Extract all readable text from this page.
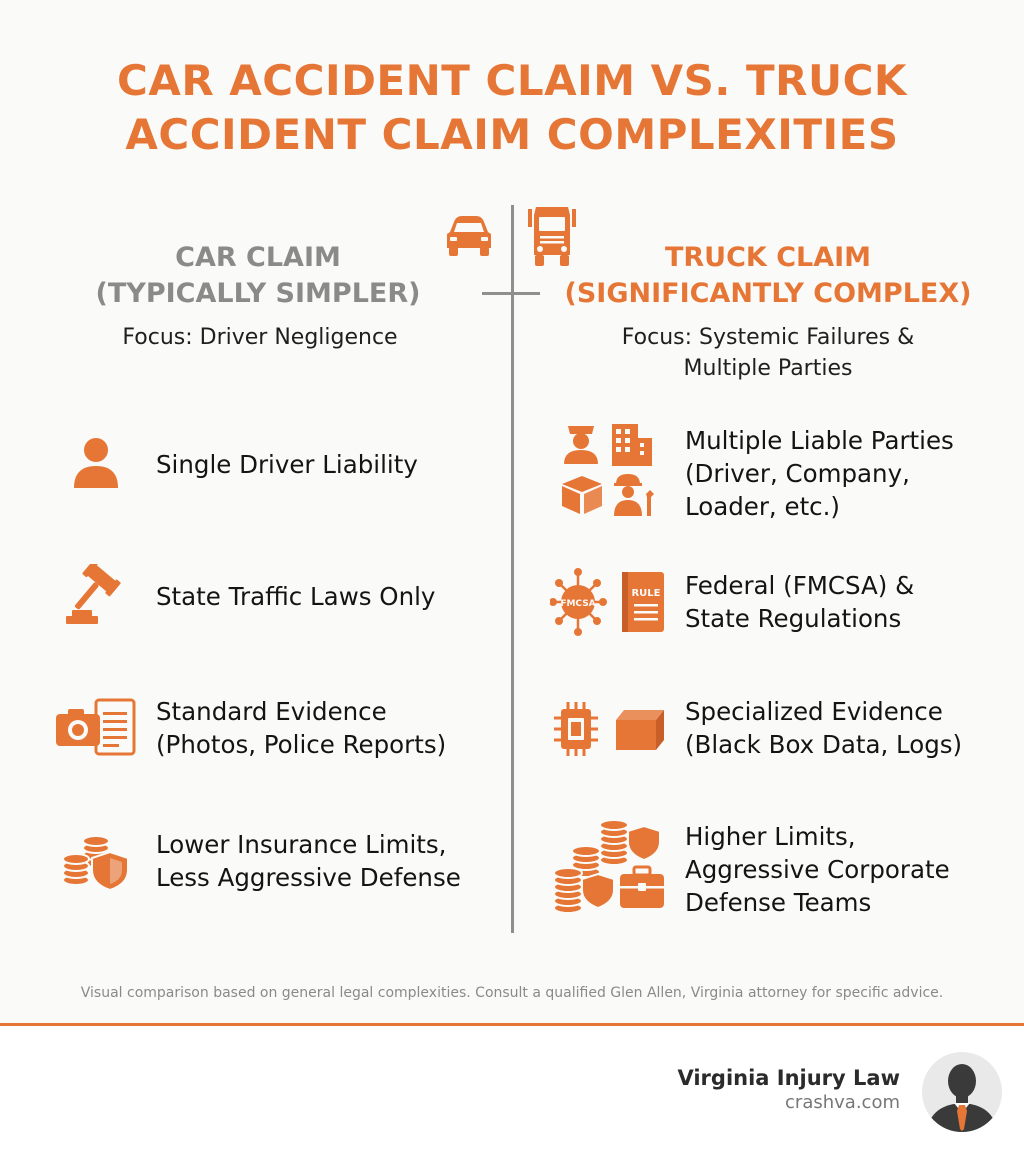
CAR ACCIDENT CLAIM VS. TRUCK
ACCIDENT CLAIM COMPLEXITIES
CAR CLAIM
(TYPICALLY SIMPLER)
TRUCK CLAIM
(SIGNIFICANTLY COMPLEX)
Focus: Driver Negligence	Focus: Systemic Failures &
Multiple Parties
Single Driver Liability
State Traffic Laws Only
Standard Evidence
(Photos, Police Reports)
Lower Insurance Limits,
Less Aggressive Defense
Multiple Liable Parties
(Driver, Company,
Loader, etc.)
FMCSA
RULE Federal (FMCSA) &
State Regulations
Specialized Evidence
(Black Box Data, Logs)
Higher Limits,
Aggressive Corporate
Defense Teams
Visual comparison based on general legal complexities. Consult a qualified Glen Allen, Virginia attorney for specific advice.
Virginia Injury Law
crashva.com
